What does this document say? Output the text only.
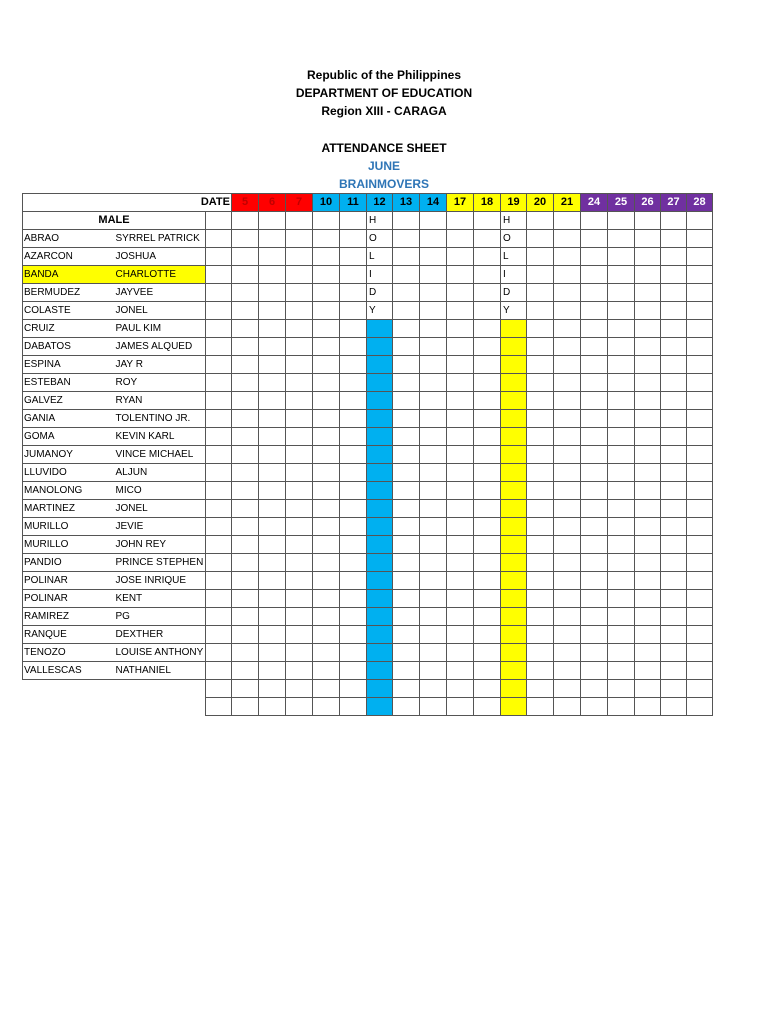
Republic of the Philippines
DEPARTMENT OF EDUCATION
Region XIII - CARAGA
ATTENDANCE SHEET
JUNE
BRAINMOVERS
DATE			5	6	7	10	11	12	13	14	17	18	19	20	21	24	25	26	27	28
MALE								H					H							
ABRAO	SYRREL PATRICK							O					O							
AZARCON	JOSHUA							L					L							
BANDA	CHARLOTTE							I					I							
BERMUDEZ	JAYVEE							D					D							
COLASTE	JONEL							Y					Y							
CRUIZ	PAUL KIM																			
DABATOS	JAMES ALQUED																			
ESPINA	JAY R																			
ESTEBAN	ROY																			
GALVEZ	RYAN																			
GANIA	TOLENTINO JR.																			
GOMA	KEVIN KARL																			
JUMANOY	VINCE MICHAEL																			
LLUVIDO	ALJUN																			
MANOLONG	MICO																			
MARTINEZ	JONEL																			
MURILLO	JEVIE																			
MURILLO	JOHN REY																			
PANDIO	PRINCE STEPHEN																			
POLINAR	JOSE INRIQUE																			
POLINAR	KENT																			
RAMIREZ	PG																			
RANQUE	DEXTHER																			
TENOZO	LOUISE ANTHONY																			
VALLESCAS	NATHANIEL																			
